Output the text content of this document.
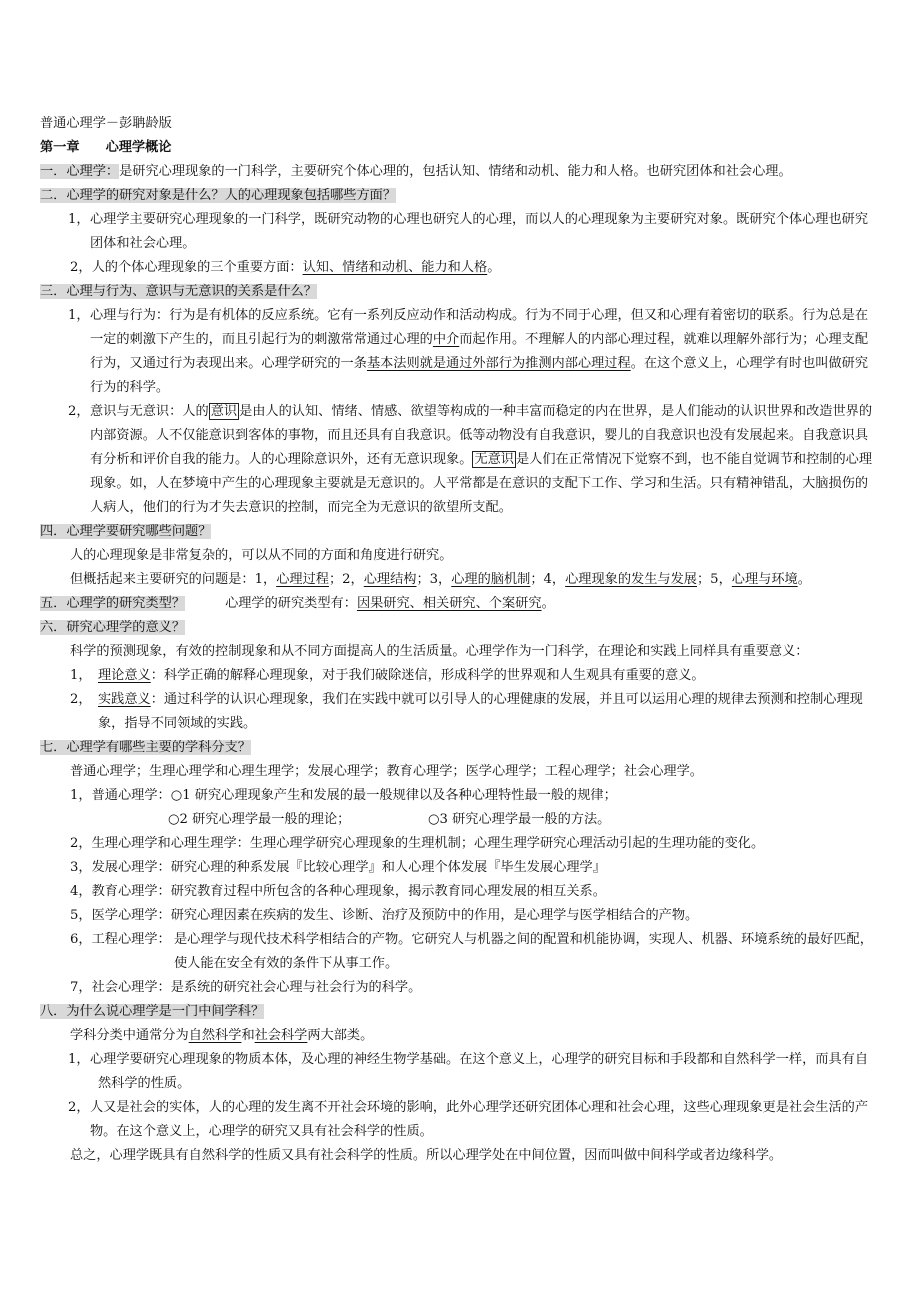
普通心理学－彭聃龄版
第一章 心理学概论
一．心理学：是研究心理现象的一门科学，主要研究个体心理的，包括认知、情绪和动机、能力和人格。也研究团体和社会心理。
二．心理学的研究对象是什么？人的心理现象包括哪些方面？
1， 心理学主要研究心理现象的一门科学，既研究动物的心理也研究人的心理，而以人的心理现象为主要研究对象。既研究个体心理也研究团体和社会心理。
2，人的个体心理现象的三个重要方面：认知、情绪和动机、能力和人格。
三．心理与行为、意识与无意识的关系是什么？
1， 心理与行为：行为是有机体的反应系统。它有一系列反应动作和活动构成。行为不同于心理，但又和心理有着密切的联系。行为总是在一定的刺激下产生的，而且引起行为的刺激常常通过心理的中介而起作用。不理解人的内部心理过程，就难以理解外部行为；心理支配行为，又通过行为表现出来。心理学研究的一条基本法则就是通过外部行为推测内部心理过程。在这个意义上，心理学有时也叫做研究行为的科学。
2， 意识与无意识：人的 意识 是由人的认知、情绪、情感、欲望等构成的一种丰富而稳定的内在世界，是人们能动的认识世界和改造世界的内部资源。人不仅能意识到客体的事物，而且还具有自我意识。低等动物没有自我意识，婴儿的自我意识也没有发展起来。自我意识具有分析和评价自我的能力。人的心理除意识外，还有无意识现象。 无意识 是人们在正常情况下觉察不到，也不能自觉调节和控制的心理现象。如，人在梦境中产生的心理现象主要就是无意识的。人平常都是在意识的支配下工作、学习和生活。只有精神错乱，大脑损伤的人病人，他们的行为才失去意识的控制，而完全为无意识的欲望所支配。
四．心理学要研究哪些问题？
人的心理现象是非常复杂的，可以从不同的方面和角度进行研究。
但概括起来主要研究的问题是：1，心理过程；2，心理结构；3，心理的脑机制；4，心理现象的发生与发展；5，心理与环境。
五．心理学的研究类型？	心理学的研究类型有：因果研究、相关研究、个案研究。
六．研究心理学的意义？
科学的预测现象，有效的控制现象和从不同方面提高人的生活质量。心理学作为一门科学，在理论和实践上同样具有重要意义：
1， 理论意义：科学正确的解释心理现象，对于我们破除迷信，形成科学的世界观和人生观具有重要的意义。
2， 实践意义：通过科学的认识心理现象，我们在实践中就可以引导人的心理健康的发展，并且可以运用心理的规律去预测和控制心理现象，指导不同领域的实践。
七．心理学有哪些主要的学科分支？
普通心理学；生理心理学和心理生理学；发展心理学；教育心理学；医学心理学；工程心理学；社会心理学。
1，普通心理学：○1 研究心理现象产生和发展的最一般规律以及各种心理特性最一般的规律；
○2 研究心理学最一般的理论；	○3 研究心理学最一般的方法。
2，生理心理学和心理生理学：生理心理学研究心理现象的生理机制；心理生理学研究心理活动引起的生理功能的变化。
3，发展心理学：研究心理的种系发展『比较心理学』和人心理个体发展『毕生发展心理学』
4，教育心理学：研究教育过程中所包含的各种心理现象，揭示教育同心理发展的相互关系。
5，医学心理学：研究心理因素在疾病的发生、诊断、治疗及预防中的作用，是心理学与医学相结合的产物。
6，工程心理学： 是心理学与现代技术科学相结合的产物。它研究人与机器之间的配置和机能协调，实现人、机器、环境系统的最好匹配，使人能在安全有效的条件下从事工作。
7，社会心理学：是系统的研究社会心理与社会行为的科学。
八．为什么说心理学是一门中间学科？
学科分类中通常分为自然科学和社会科学两大部类。
1， 心理学要研究心理现象的物质本体，及心理的神经生物学基础。在这个意义上，心理学的研究目标和手段都和自然科学一样，而具有自然科学的性质。
2， 人又是社会的实体，人的心理的发生离不开社会环境的影响，此外心理学还研究团体心理和社会心理，这些心理现象更是社会生活的产物。在这个意义上，心理学的研究又具有社会科学的性质。
总之，心理学既具有自然科学的性质又具有社会科学的性质。所以心理学处在中间位置，因而叫做中间科学或者边缘科学。
